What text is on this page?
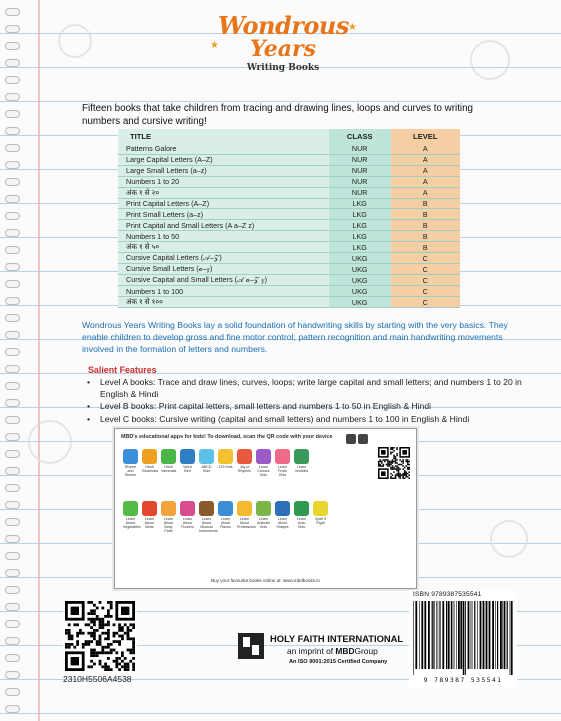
Wondrous
Years
Writing Books
★
★
Fifteen books that take children from tracing and drawing lines, loops and curves to writing numbers and cursive writing!
TITLE	CLASS	LEVEL
Patterns Galore	NUR	A
Large Capital Letters (A–Z)	NUR	A
Large Small Letters (a–z)	NUR	A
Numbers 1 to 20	NUR	A
अंक १ से २०	NUR	A
Print Capital Letters (A–Z)	LKG	B
Print Small Letters (a–z)	LKG	B
Print Capital and Small Letters (A a–Z z)	LKG	B
Numbers 1 to 50	LKG	B
अंक १ से ५०	LKG	B
Cursive Capital Letters (𝒜–𝒵)	UKG	C
Cursive Small Letters (𝒶–𝓏)	UKG	C
Cursive Capital and Small Letters (𝒜 𝒶–𝒵 𝓏)	UKG	C
Numbers 1 to 100	UKG	C
अंक १ से १००	UKG	C
Wondrous Years Writing Books lay a solid foundation of handwriting skills by starting with the very basics. They enable children to develop gross and fine motor control; pattern recognition and main handwriting movements involved in the formation of letters and numbers.
Salient Features
• Level A books: Trace and draw lines, curves, loops; write large capital and small letters; and numbers 1 to 20 in English & Hindi
• Level B books: Print capital letters, small letters and numbers 1 to 50 in English & Hindi
• Level C books: Cursive writing (capital and small letters) and numbers 1 to 100 in English & Hindi
MBD's educational apps for kids! To download, scan the QR code with your device
Rhyme and Stories
Hindi Swarmala
Hindi Varnmala
Word Bird
ABCD Kids
123 Kids	Joy of Rhymes
Learn Colours Kids
Learn Fruits Kids
Learn Vehicles
Learn About Vegetables
Learn About Birds
Learn About Body Parts
Learn About Flowers
Learn About Musical Instruments
Learn About Places
Learn About Professions
Learn Animals Kids
Learn About Shapes
Learn Urdu Kids
Spell it Right
Buy your favourite books online at: www.mbdbooks.in
2310H5506A4538
HOLY FAITH INTERNATIONAL
an imprint of MBDGroup
An ISO 9001:2015 Certified Company
ISBN 9789387535541
9 789387 535541
